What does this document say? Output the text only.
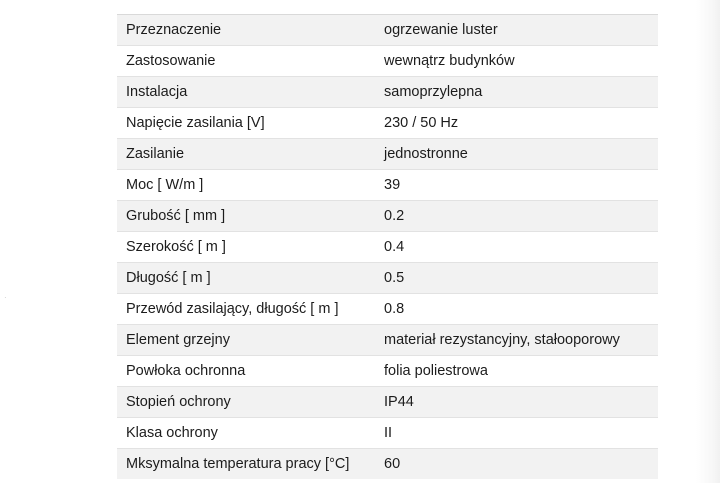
·
Przeznaczenie	ogrzewanie luster
Zastosowanie	wewnątrz budynków
Instalacja	samoprzylepna
Napięcie zasilania [V]	230 / 50 Hz
Zasilanie	jednostronne
Moc [ W/m ]	39
Grubość [ mm ]	0.2
Szerokość [ m ]	0.4
Długość [ m ]	0.5
Przewód zasilający, długość [ m ]	0.8
Element grzejny	materiał rezystancyjny, stałooporowy
Powłoka ochronna	folia poliestrowa
Stopień ochrony	IP44
Klasa ochrony	II
Mksymalna temperatura pracy [°C]	60
